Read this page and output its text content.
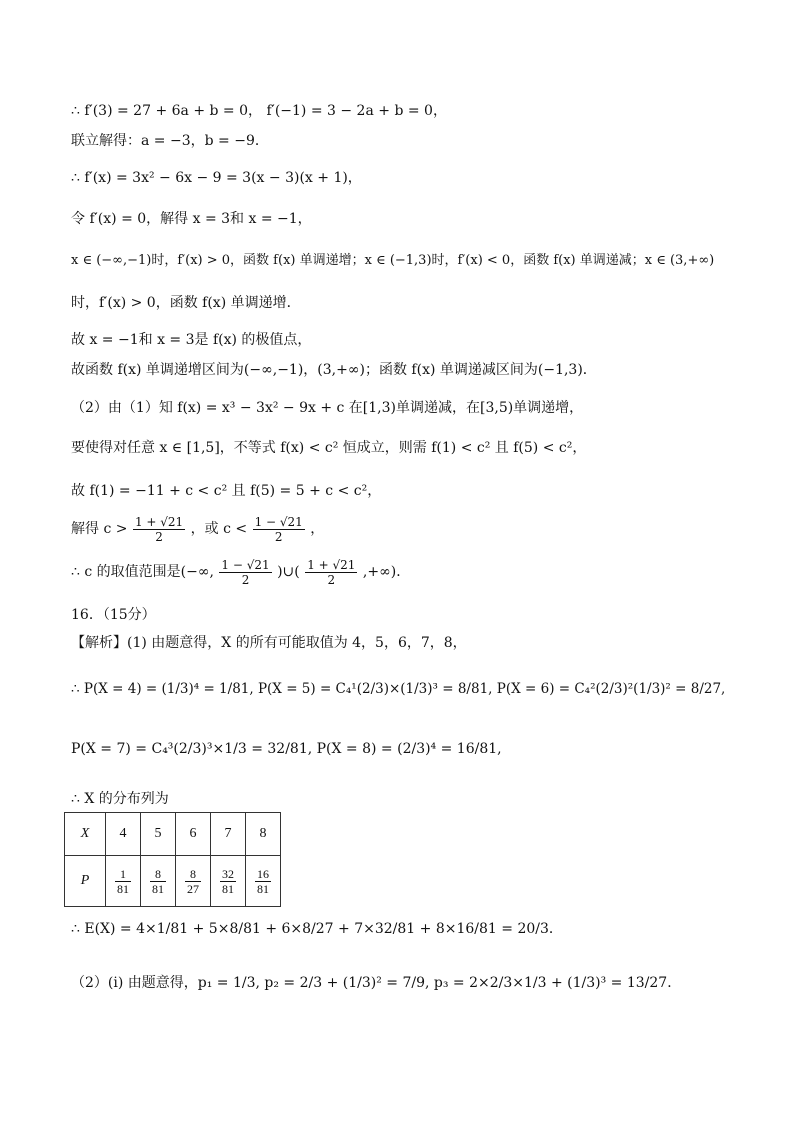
∴ f′(3) = 27 + 6a + b = 0， f′(−1) = 3 − 2a + b = 0，
联立解得：a = −3，b = −9．
∴ f′(x) = 3x² − 6x − 9 = 3(x − 3)(x + 1)，
令 f′(x) = 0，解得 x = 3和 x = −1，
x ∈ (−∞,−1)时，f′(x) > 0，函数 f(x) 单调递增；x ∈ (−1,3)时，f′(x) < 0，函数 f(x) 单调递减；x ∈ (3,+∞)
时，f′(x) > 0，函数 f(x) 单调递增．
故 x = −1和 x = 3是 f(x) 的极值点，
故函数 f(x) 单调递增区间为(−∞,−1)，(3,+∞)；函数 f(x) 单调递减区间为(−1,3)．
（2）由（1）知 f(x) = x³ − 3x² − 9x + c 在[1,3)单调递减，在[3,5)单调递增，
要使得对任意 x ∈ [1,5]，不等式 f(x) < c² 恒成立，则需 f(1) < c² 且 f(5) < c²，
故 f(1) = −11 + c < c² 且 f(5) = 5 + c < c²，
解得 $c > \frac{1 + √21}{2}$ ，或 $c < \frac{1 - √21}{2}$ ，
∴ c 的取值范围是(−∞, $\frac{1 - √21}{2}$ )∪( $\frac{1 + √21}{2}$ ,+∞)．
16．（15分）
【解析】(1) 由题意得，X 的所有可能取值为 4，5，6，7，8，
∴ P(X = 4) = (1/3)⁴ = 1/81, P(X = 5) = C₄¹(2/3)×(1/3)³ = 8/81, P(X = 6) = C₄²(2/3)²(1/3)² = 8/27,
P(X = 7) = C₄³(2/3)³×1/3 = 32/81, P(X = 8) = (2/3)⁴ = 16/81,
∴ X 的分布列为
X	4	5	6	7	8
P	$\frac{1}{81}$	$\frac{8}{81}$	$\frac{8}{27}$	$\frac{32}{81}$	$\frac{16}{81}$
∴ E(X) = 4×1/81 + 5×8/81 + 6×8/27 + 7×32/81 + 8×16/81 = 20/3．
（2）(ⅰ) 由题意得，p₁ = 1/3, p₂ = 2/3 + (1/3)² = 7/9, p₃ = 2×2/3×1/3 + (1/3)³ = 13/27．
